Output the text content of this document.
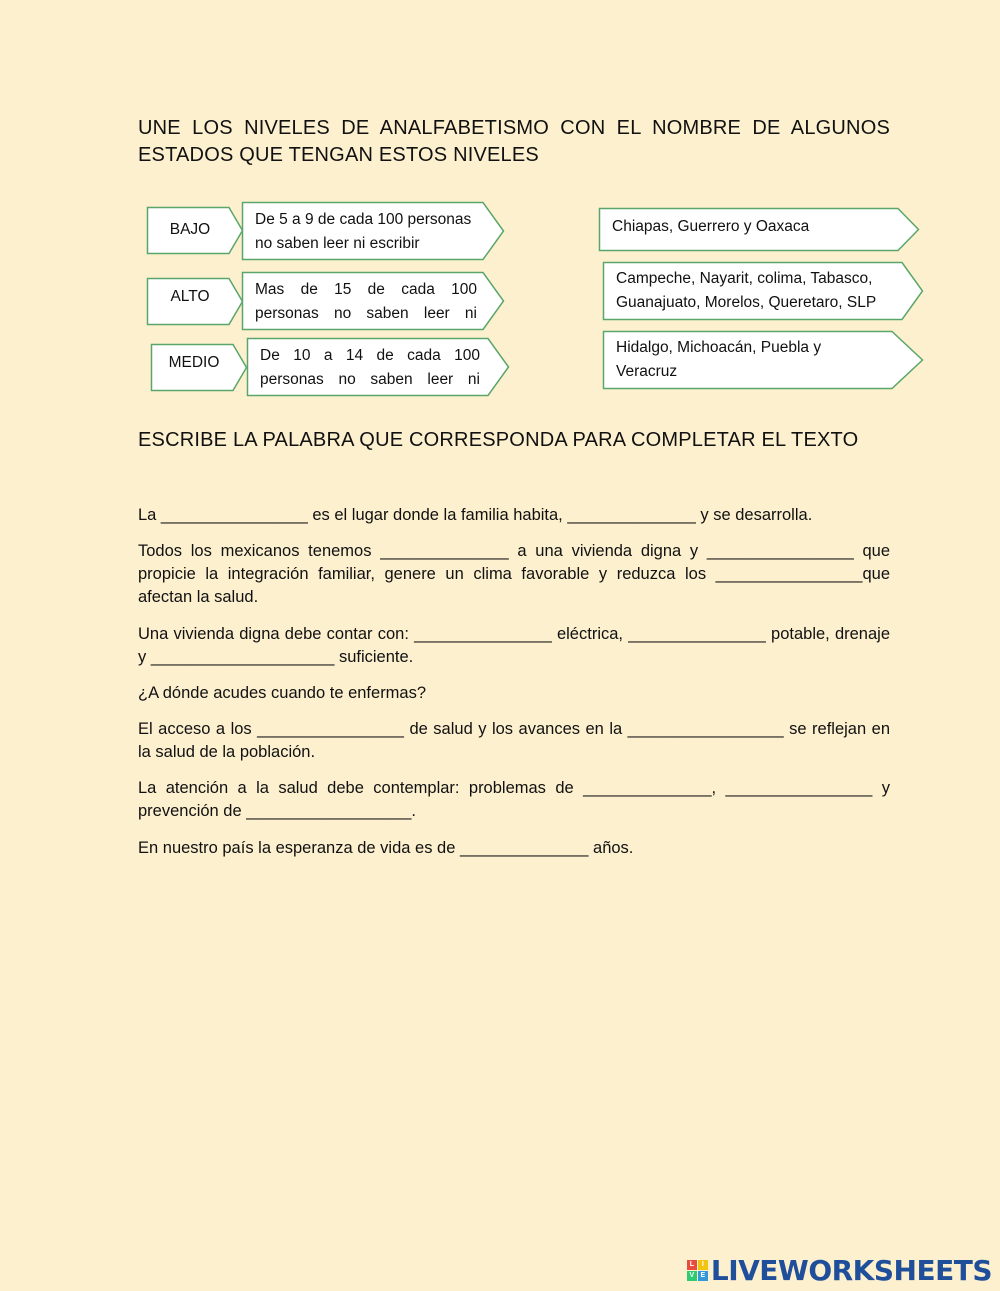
UNE LOS NIVELES DE ANALFABETISMO CON EL NOMBRE DE ALGUNOS ESTADOS QUE TENGAN ESTOS NIVELES
BAJO
De 5 a 9 de cada 100 personas no saben leer ni escribir
ALTO	Mas de 15 de cada 100 personas no saben leer ni
MEDIO	De 10 a 14 de cada 100 personas no saben leer ni
Chiapas, Guerrero y Oaxaca
Campeche, Nayarit, colima, Tabasco, Guanajuato, Morelos, Queretaro, SLP
Hidalgo, Michoacán, Puebla y Veracruz
ESCRIBE LA PALABRA QUE CORRESPONDA PARA COMPLETAR EL TEXTO
La ________________ es el lugar donde la familia habita, ______________ y se desarrolla.
Todos los mexicanos tenemos ______________ a una vivienda digna y ________________ que propicie la integración familiar, genere un clima favorable y reduzca los ________________que afectan la salud.
Una vivienda digna debe contar con: _______________ eléctrica, _______________ potable, drenaje y ____________________ suficiente.
¿A dónde acudes cuando te enfermas?
El acceso a los ________________ de salud y los avances en la _________________ se reflejan en la salud de la población.
La atención a la salud debe contemplar: problemas de ______________, ________________ y prevención de __________________.
En nuestro país la esperanza de vida es de ______________ años.
L	I
V E LIVEWORKSHEETS
